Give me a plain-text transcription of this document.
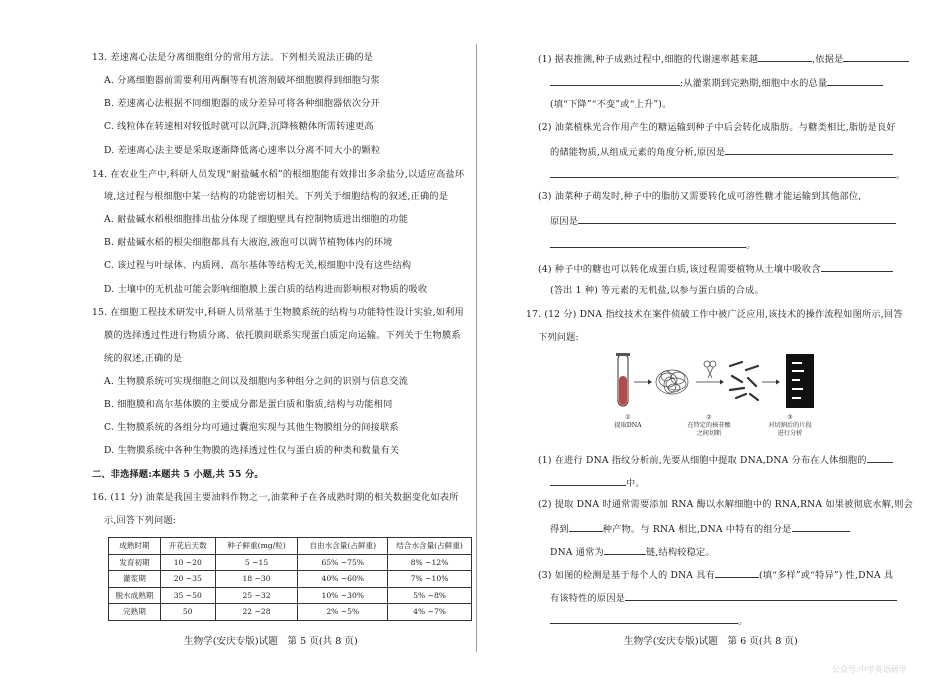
13. 差速离心法是分离细胞组分的常用方法。下列相关说法正确的是
A. 分离细胞器前需要利用两酮等有机溶剂破坏细胞膜得到细胞匀浆
B. 差速离心法根据不同细胞器的成分差异可将各种细胞器依次分开
C. 线粒体在转速相对较低时就可以沉降,沉降核糖体所需转速更高
D. 差速离心法主要是采取逐渐降低离心速率以分离不同大小的颗粒
14. 在农业生产中,科研人员发现“耐盐碱水稻”的根细胞能有效排出多余盐分,以适应高盐环
境,这过程与根细胞中某一结构的功能密切相关。下列关于细胞结构的叙述,正确的是
A. 耐盐碱水稻根细胞排出盐分体现了细胞壁具有控制物质进出细胞的功能
B. 耐盐碱水稻的根尖细胞都具有大液泡,液泡可以调节植物体内的环境
C. 该过程与叶绿体、内质网、高尔基体等结构无关,根细胞中没有这些结构
D. 土壤中的无机盐可能会影响细胞膜上蛋白质的结构进而影响根对物质的吸收
15. 在细胞工程技术研发中,科研人员常基于生物膜系统的结构与功能特性设计实验,如利用
膜的选择透过性进行物质分离、依托膜间联系实现蛋白质定向运输。下列关于生物膜系
统的叙述,正确的是
A. 生物膜系统可实现细胞之间以及细胞内多种组分之间的识别与信息交流
B. 细胞膜和高尔基体膜的主要成分都是蛋白质和脂质,结构与功能相同
C. 生物膜系统的各组分均可通过囊泡实现与其他生物膜组分的间接联系
D. 生物膜系统中各种生物膜的选择透过性仅与蛋白质的种类和数量有关
二、非选择题:本题共 5 小题,共 55 分。
16. (11 分) 油菜是我国主要油料作物之一,油菜种子在各成熟时期的相关数据变化如表所
示,回答下列问题:
成熟时期	开花后天数	种子鲜重(mg/粒)	自由水含量(占鲜重)	结合水含量(占鲜重)
发育初期	10 ~20	5 ~15	65% ~75%	8% ~12%
灌浆期	20 ~35	18 ~30	40% ~60%	7% ~10%
脱水成熟期	35 ~50	25 ~32	10% ~30%	5% ~8%
完熟期	50	22 ~28	2% ~5%	4% ~7%
生物学(安庆专版)试题　第 5 页(共 8 页)
(1) 据表推测,种子成熟过程中,细胞的代谢速率越来越	,依据是
;从灌浆期到完熟期,细胞中水的总量
(填“下降”“不变”或“上升”)。
(2) 油菜植株光合作用产生的糖运输到种子中后会转化成脂肪。与糖类相比,脂肪是良好
的储能物质,从组成元素的角度分析,原因是
。
(3) 油菜种子萌发时,种子中的脂肪又需要转化成可溶性糖才能运输到其他部位,
原因是
。
(4) 种子中的糖也可以转化成蛋白质,该过程需要植物从土壤中吸收含
(答出 1 种) 等元素的无机盐,以参与蛋白质的合成。
17. (12 分) DNA 指纹技术在案件侦破工作中被广泛应用,该技术的操作流程如图所示,回答
下列问题:
①
提取DNA
②
在特定的核苷酸
之间切断
③
对切割后的片段
进行分析
(1) 在进行 DNA 指纹分析前,先要从细胞中提取 DNA,DNA 分布在人体细胞的
中。
(2) 提取 DNA 时通常需要添加 RNA 酶以水解细胞中的 RNA,RNA 如果被彻底水解,则会
得到	种产物。与 RNA 相比,DNA 中特有的组分是
DNA 通常为	链,结构较稳定。
(3) 如图的检测是基于每个人的 DNA 具有	(填“多样”或“特异”) 性,DNA 具
有该特性的原因是
。
生物学(安庆专版)试题　第 6 页(共 8 页)
公众号:中学英语研学
